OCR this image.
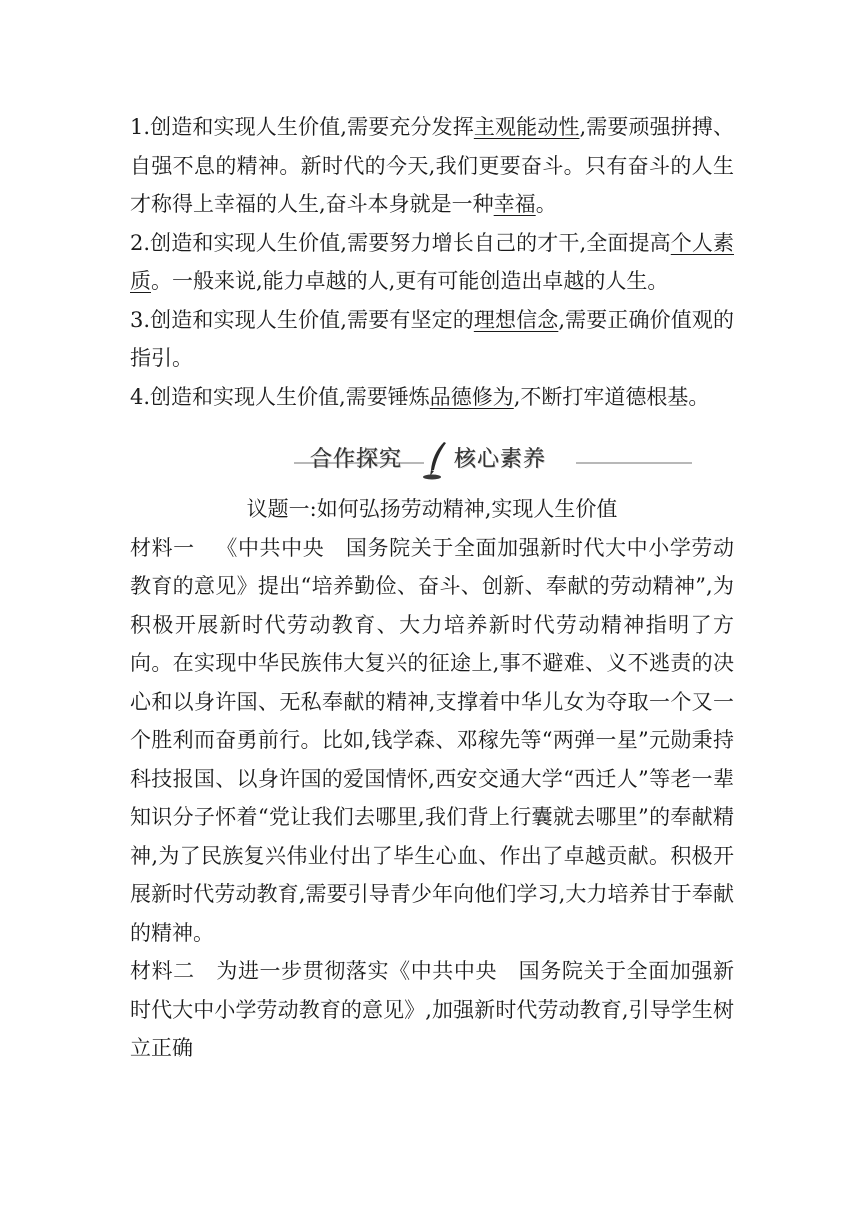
1.创造和实现人生价值,需要充分发挥主观能动性,需要顽强拼搏、自强不息的精神。新时代的今天,我们更要奋斗。只有奋斗的人生才称得上幸福的人生,奋斗本身就是一种幸福。

2.创造和实现人生价值,需要努力增长自己的才干,全面提高个人素质。一般来说,能力卓越的人,更有可能创造出卓越的人生。

3.创造和实现人生价值,需要有坚定的理想信念,需要正确价值观的指引。

4.创造和实现人生价值,需要锤炼品德修为,不断打牢道德根基。

合作探究 核心素养

议题一:如何弘扬劳动精神,实现人生价值

材料一 《中共中央　国务院关于全面加强新时代大中小学劳动教育的意见》提出“培养勤俭、奋斗、创新、奉献的劳动精神”,为积极开展新时代劳动教育、大力培养新时代劳动精神指明了方向。在实现中华民族伟大复兴的征途上,事不避难、义不逃责的决心和以身许国、无私奉献的精神,支撑着中华儿女为夺取一个又一个胜利而奋勇前行。比如,钱学森、邓稼先等“两弹一星”元勋秉持科技报国、以身许国的爱国情怀,西安交通大学“西迁人”等老一辈知识分子怀着“党让我们去哪里,我们背上行囊就去哪里”的奉献精神,为了民族复兴伟业付出了毕生心血、作出了卓越贡献。积极开展新时代劳动教育,需要引导青少年向他们学习,大力培养甘于奉献的精神。

材料二 为进一步贯彻落实《中共中央　国务院关于全面加强新时代大中小学劳动教育的意见》,加强新时代劳动教育,引导学生树立正确
